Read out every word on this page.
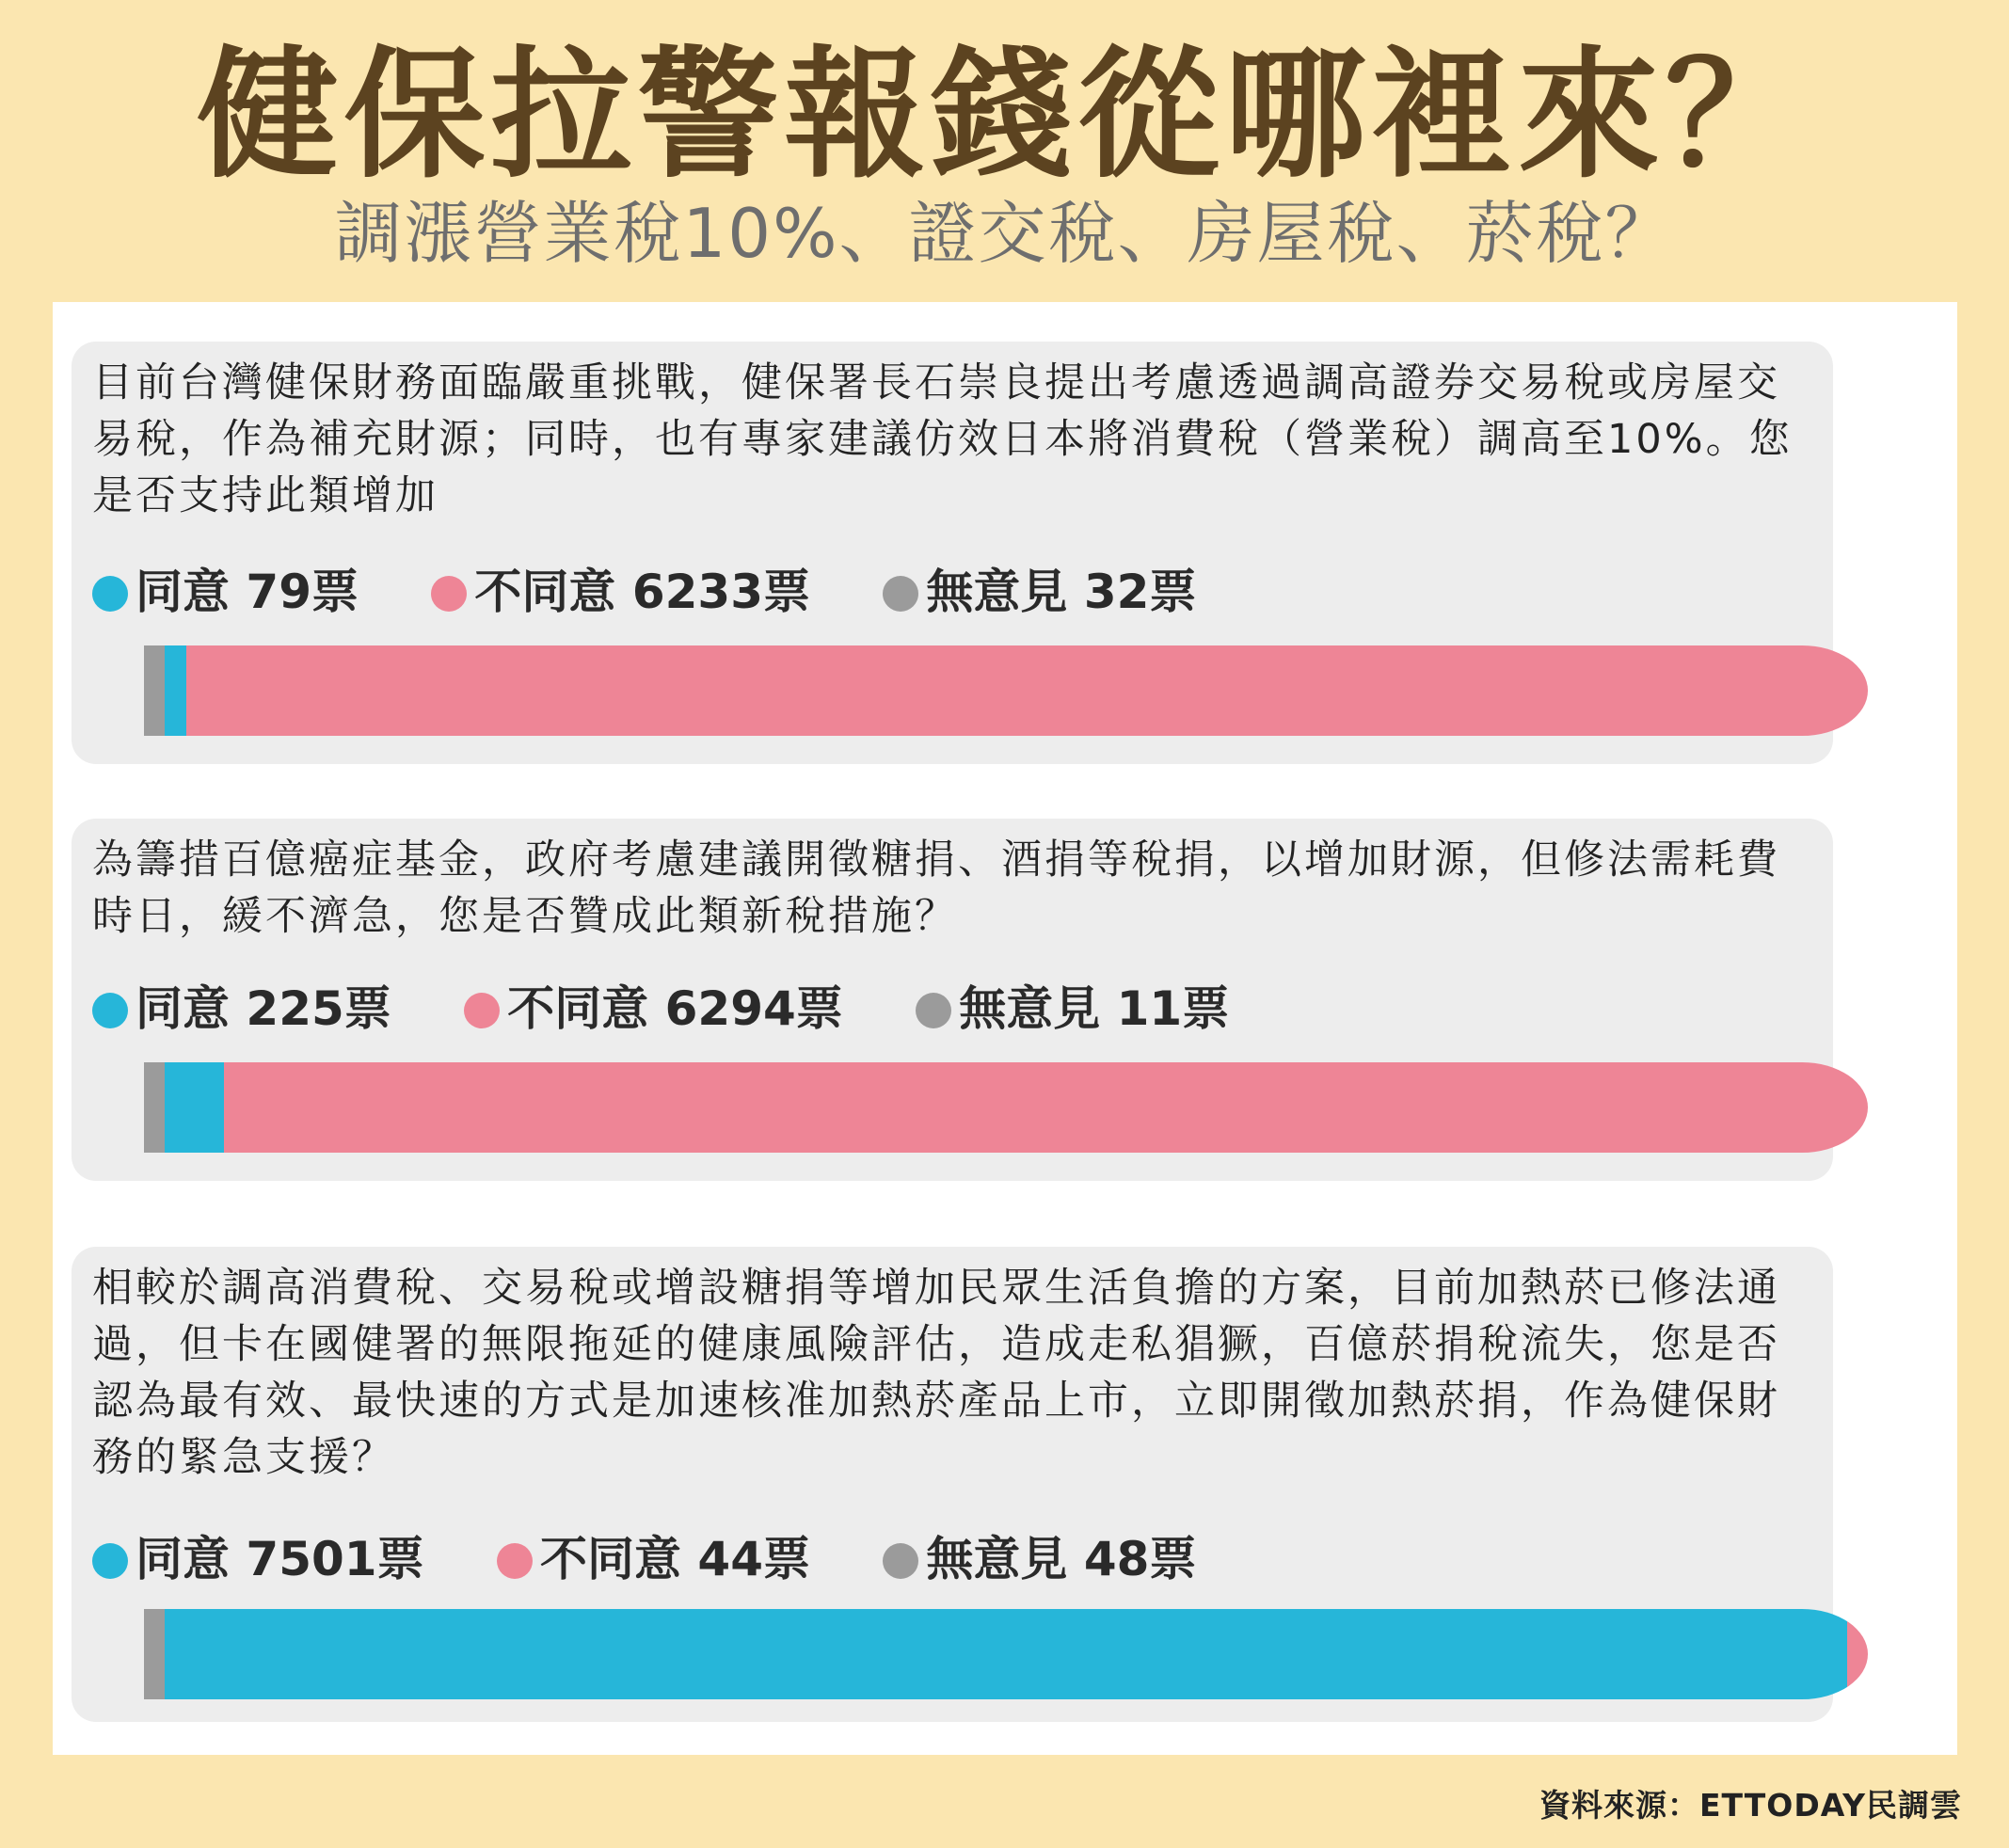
健保拉警報錢從哪裡來？
調漲營業稅10%、證交稅、房屋稅、菸稅？

目前台灣健保財務面臨嚴重挑戰，健保署長石崇良提出考慮透過調高證券交易稅或房屋交易稅，作為補充財源；同時，也有專家建議仿效日本將消費稅（營業稅）調高至10%。您是否支持此類增加

同意 79票 不同意 6233票 無意見 32票

為籌措百億癌症基金，政府考慮建議開徵糖捐、酒捐等稅捐，以增加財源，但修法需耗費時日，緩不濟急，您是否贊成此類新稅措施？

同意 225票 不同意 6294票 無意見 11票

相較於調高消費稅、交易稅或增設糖捐等增加民眾生活負擔的方案，目前加熱菸已修法通過，但卡在國健署的無限拖延的健康風險評估，造成走私猖獗，百億菸捐稅流失，您是否認為最有效、最快速的方式是加速核准加熱菸產品上市，立即開徵加熱菸捐，作為健保財務的緊急支援？

同意 7501票 不同意 44票 無意見 48票
資料來源：ETTODAY民調雲
